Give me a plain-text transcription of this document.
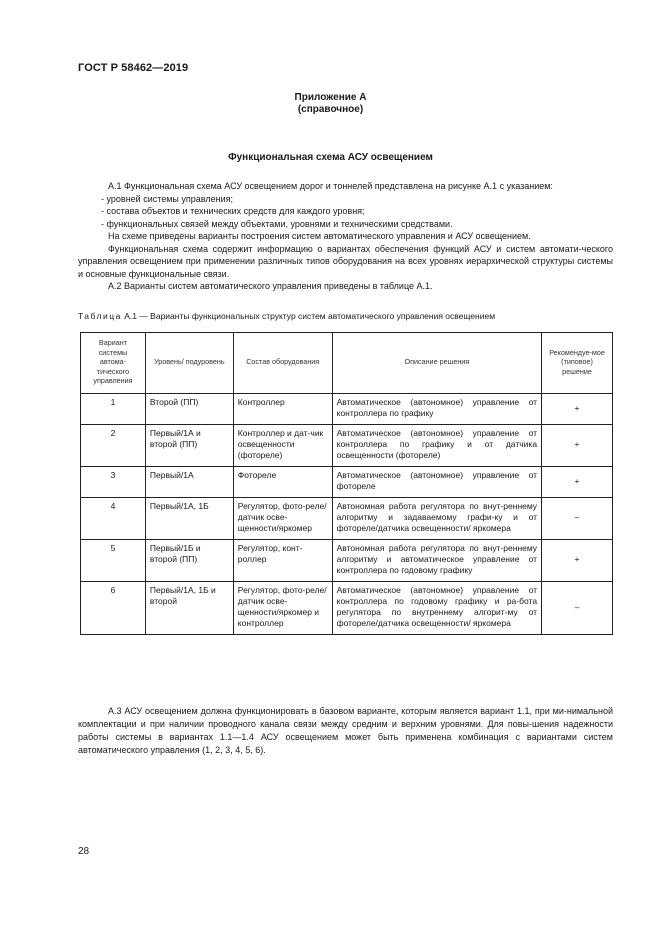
ГОСТ Р 58462—2019
Приложение А
(справочное)
Функциональная схема АСУ освещением

А.1 Функциональная схема АСУ освещением дорог и тоннелей представлена на рисунке А.1 с указанием:

- уровней системы управления;

- состава объектов и технических средств для каждого уровня;

- функциональных связей между объектами, уровнями и техническими средствами.

На схеме приведены варианты построения систем автоматического управления и АСУ освещением.

Функциональная схема содержит информацию о вариантах обеспечения функций АСУ и систем автомати-ческого управления освещением при применении различных типов оборудования на всех уровнях иерархической структуры системы и основные функциональные связи.

А.2 Варианты систем автоматического управления приведены в таблице А.1.

Таблица А.1 — Варианты функциональных структур систем автоматического управления освещением
Вариант системы автома-тического управления	Уровень/ подуровень	Состав оборудования	Описание решения	Рекомендуе-мое (типовое) решение
1	Второй (ПП)	Контроллер	Автоматическое (автономное) управление от контроллера по графику	+
2	Первый/1А и второй (ПП)	Контроллер и дат-чик освещенности (фотореле)	Автоматическое (автономное) управление от контроллера по графику и от датчика освещенности (фотореле)	+
3	Первый/1А	Фотореле	Автоматическое (автономное) управление от фотореле	+
4	Первый/1А, 1Б	Регулятор, фото-реле/датчик осве-щенности/яркомер	Автономная работа регулятора по внут-реннему алгоритму и задаваемому графи-ку и от фотореле/датчика освещенности/ яркомера	–
5	Первый/1Б и второй (ПП)	Регулятор, конт-роллер	Автономная работа регулятора по внут-реннему алгоритму и автоматическое управление от контроллера по годовому графику	+
6	Первый/1А, 1Б и второй	Регулятор, фото-реле/датчик осве-щенности/яркомер и контроллер	Автоматическое (автономное) управление от контроллера по годовому графику и ра-бота регулятора по внутреннему алгорит-му от фотореле/датчика освещенности/ яркомера	–

А.3 АСУ освещением должна функционировать в базовом варианте, которым является вариант 1.1, при ми-нимальной комплектации и при наличии проводного канала связи между средним и верхним уровнями. Для повы-шения надежности работы системы в вариантах 1.1—1.4 АСУ освещением может быть применена комбинация с вариантами систем автоматического управления (1, 2, 3, 4, 5, 6).

28
